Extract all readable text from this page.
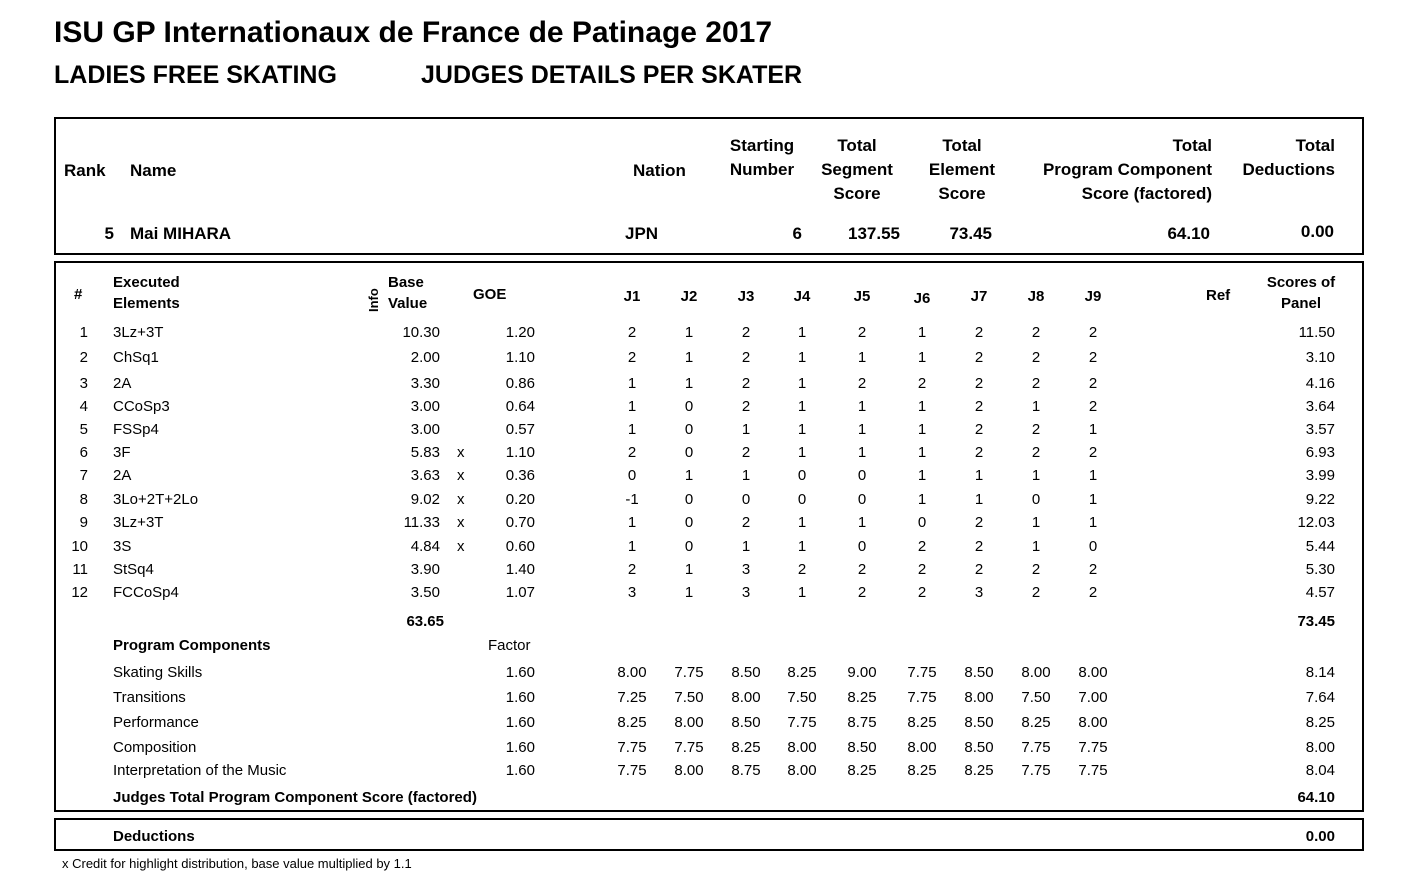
ISU GP Internationaux de France de Patinage 2017
LADIES FREE SKATING	JUDGES DETAILS PER SKATER
Rank Name	Nation
Starting
Number
Total
Segment
Score
Total
Element
Score
Total
Program Component
Score (factored)
Total
Deductions
5 Mai MIHARA	JPN	6	137.55	73.45	64.10	0.00
#
Executed
Elements	Info
Base
Value
GOE	J1	J2	J3	J4	J5	J6	J7	J8	J9	Ref
Scores of
Panel
1 3Lz+3T	10.30	1.20	2	1	2	1	2	1	2	2	2	11.50
2 ChSq1	2.00	1.10	2	1	2	1	1	1	2	2	2	3.10
3 2A	3.30	0.86	1	1	2	1	2	2	2	2	2	4.16
4 CCoSp3	3.00	0.64	1	0	2	1	1	1	2	1	2	3.64
5 FSSp4	3.00	0.57	1	0	1	1	1	1	2	2	1	3.57
6 3F	5.83 x	1.10	2	0	2	1	1	1	2	2	2	6.93
7 2A	3.63 x	0.36	0	1	1	0	0	1	1	1	1	3.99
8 3Lo+2T+2Lo	9.02 x	0.20	-1	0	0	0	0	1	1	0	1	9.22
9 3Lz+3T	11.33 x	0.70	1	0	2	1	1	0	2	1	1	12.03
10 3S	4.84 x	0.60	1	0	1	1	0	2	2	1	0	5.44
11 StSq4	3.90	1.40	2	1	3	2	2	2	2	2	2	5.30
12 FCCoSp4	3.50	1.07	3	1	3	1	2	2	3	2	2	4.57
63.65	73.45
Program Components	Factor
Skating Skills	1.60	8.00	7.75	8.50	8.25	9.00	7.75	8.50	8.00	8.00	8.14
Transitions	1.60	7.25	7.50	8.00	7.50	8.25	7.75	8.00	7.50	7.00	7.64
Performance	1.60	8.25	8.00	8.50	7.75	8.75	8.25	8.50	8.25	8.00	8.25
Composition	1.60	7.75	7.75	8.25	8.00	8.50	8.00	8.50	7.75	7.75	8.00
Interpretation of the Music	1.60	7.75	8.00	8.75	8.00	8.25	8.25	8.25	7.75	7.75	8.04
Judges Total Program Component Score (factored)	64.10
Deductions	0.00
x Credit for highlight distribution, base value multiplied by 1.1
